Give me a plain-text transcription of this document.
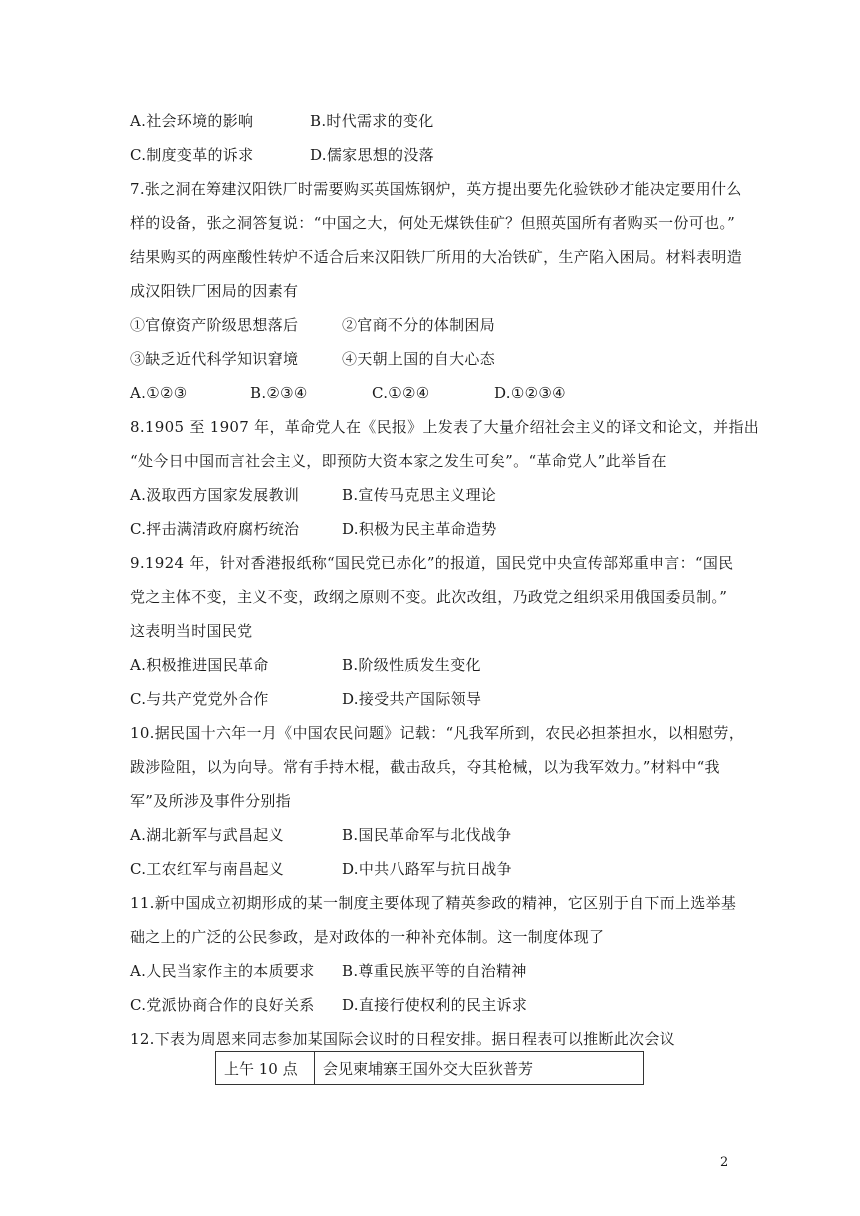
A.社会环境的影响	B.时代需求的变化
C.制度变革的诉求	D.儒家思想的没落
7.张之洞在筹建汉阳铁厂时需要购买英国炼钢炉，英方提出要先化验铁砂才能决定要用什么
样的设备，张之洞答复说：“中国之大，何处无煤铁佳矿？但照英国所有者购买一份可也。”
结果购买的两座酸性转炉不适合后来汉阳铁厂所用的大冶铁矿，生产陷入困局。材料表明造
成汉阳铁厂困局的因素有
①官僚资产阶级思想落后	②官商不分的体制困局
③缺乏近代科学知识窘境	④天朝上国的自大心态
A.①②③	B.②③④	C.①②④	D.①②③④
8.1905 至 1907 年，革命党人在《民报》上发表了大量介绍社会主义的译文和论文，并指出
“处今日中国而言社会主义，即预防大资本家之发生可矣”。“革命党人”此举旨在
A.汲取西方国家发展教训	B.宣传马克思主义理论
C.抨击满清政府腐朽统治	D.积极为民主革命造势
9.1924 年，针对香港报纸称“国民党已赤化”的报道，国民党中央宣传部郑重申言：“国民
党之主体不变，主义不变，政纲之原则不变。此次改组，乃政党之组织采用俄国委员制。”
这表明当时国民党
A.积极推进国民革命	B.阶级性质发生变化
C.与共产党党外合作	D.接受共产国际领导
10.据民国十六年一月《中国农民问题》记载：“凡我军所到，农民必担茶担水，以相慰劳，
跋涉险阻，以为向导。常有手持木棍，截击敌兵，夺其枪械，以为我军效力。”材料中“我
军”及所涉及事件分别指
A.湖北新军与武昌起义	B.国民革命军与北伐战争
C.工农红军与南昌起义	D.中共八路军与抗日战争
11.新中国成立初期形成的某一制度主要体现了精英参政的精神，它区别于自下而上选举基
础之上的广泛的公民参政，是对政体的一种补充体制。这一制度体现了
A.人民当家作主的本质要求 B.尊重民族平等的自治精神
C.党派协商合作的良好关系 D.直接行使权利的民主诉求
12.下表为周恩来同志参加某国际会议时的日程安排。据日程表可以推断此次会议
上午 10 点	会见柬埔寨王国外交大臣狄普芳
2
